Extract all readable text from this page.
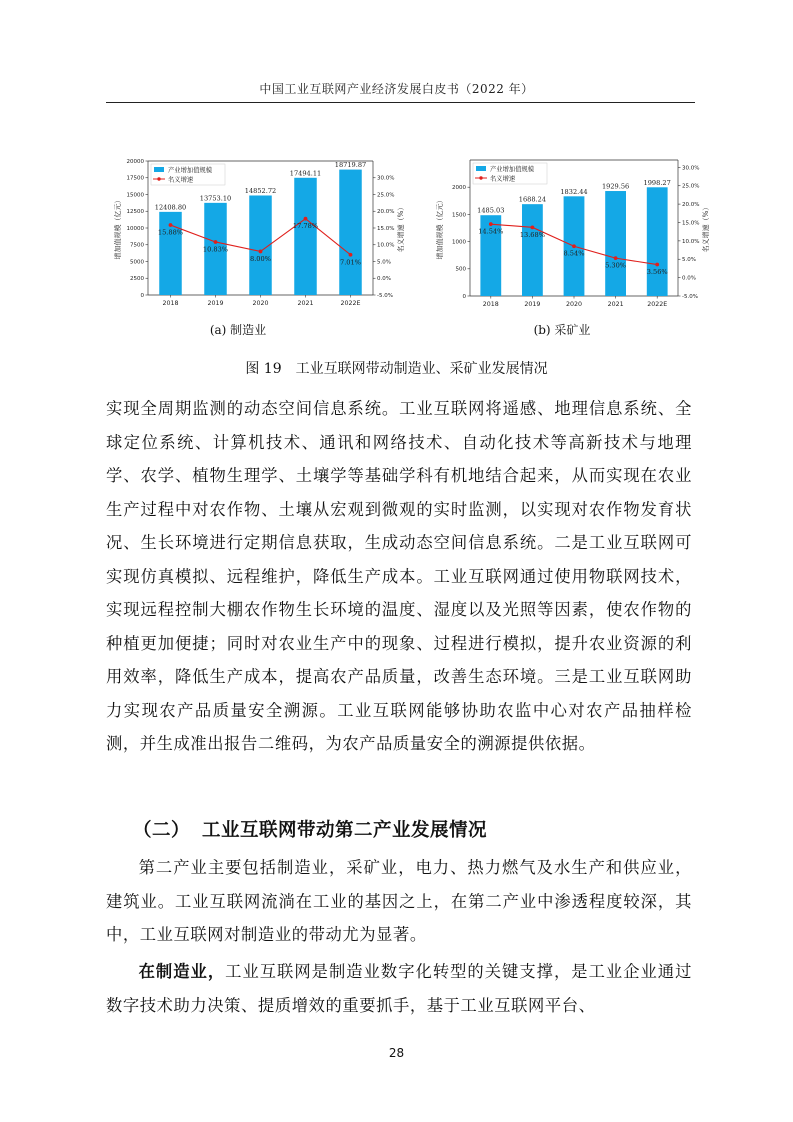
中国工业互联网产业经济发展白皮书（2022 年）
0
2500
5000
7500
10000
12500
15000
17500
20000
-5.0%
0.0%
5.0%
10.0%
15.0%
20.0%
25.0%
30.0%
2018	2019	2020	2021	2022E
12408.80
13753.10
14852.72
17494.11
18719.87
15.88%
10.83%
8.00%
17.78%
7.01%
产业增加值规模
名义增速
增加值规模（亿元）	名义增速（%）
0
500
1000
1500
2000
-5.0%
0.0%
5.0%
10.0%
15.0%
20.0%
25.0%
30.0%
2018	2019	2020	2021	2022E
1485.03
1688.24
1832.44
1929.56 1998.27
14.54% 13.68%
8.54%
5.30%
3.56%
产业增加值规模
名义增速
增加值规模（亿元）	名义增速（%）
(a) 制造业	(b) 采矿业
图 19 工业互联网带动制造业、采矿业发展情况
实现全周期监测的动态空间信息系统。工业互联网将遥感、地理信息系统、全球定位系统、计算机技术、通讯和网络技术、自动化技术等高新技术与地理学、农学、植物生理学、土壤学等基础学科有机地结合起来，从而实现在农业生产过程中对农作物、土壤从宏观到微观的实时监测，以实现对农作物发育状况、生长环境进行定期信息获取，生成动态空间信息系统。二是工业互联网可实现仿真模拟、远程维护，降低生产成本。工业互联网通过使用物联网技术，实现远程控制大棚农作物生长环境的温度、湿度以及光照等因素，使农作物的种植更加便捷；同时对农业生产中的现象、过程进行模拟，提升农业资源的利用效率，降低生产成本，提高农产品质量，改善生态环境。三是工业互联网助力实现农产品质量安全溯源。工业互联网能够协助农监中心对农产品抽样检测，并生成准出报告二维码，为农产品质量安全的溯源提供依据。
（二） 工业互联网带动第二产业发展情况
第二产业主要包括制造业，采矿业，电力、热力燃气及水生产和供应业，建筑业。工业互联网流淌在工业的基因之上，在第二产业中渗透程度较深，其中，工业互联网对制造业的带动尤为显著。
在制造业，工业互联网是制造业数字化转型的关键支撑，是工业企业通过数字技术助力决策、提质增效的重要抓手，基于工业互联网平台、
28
